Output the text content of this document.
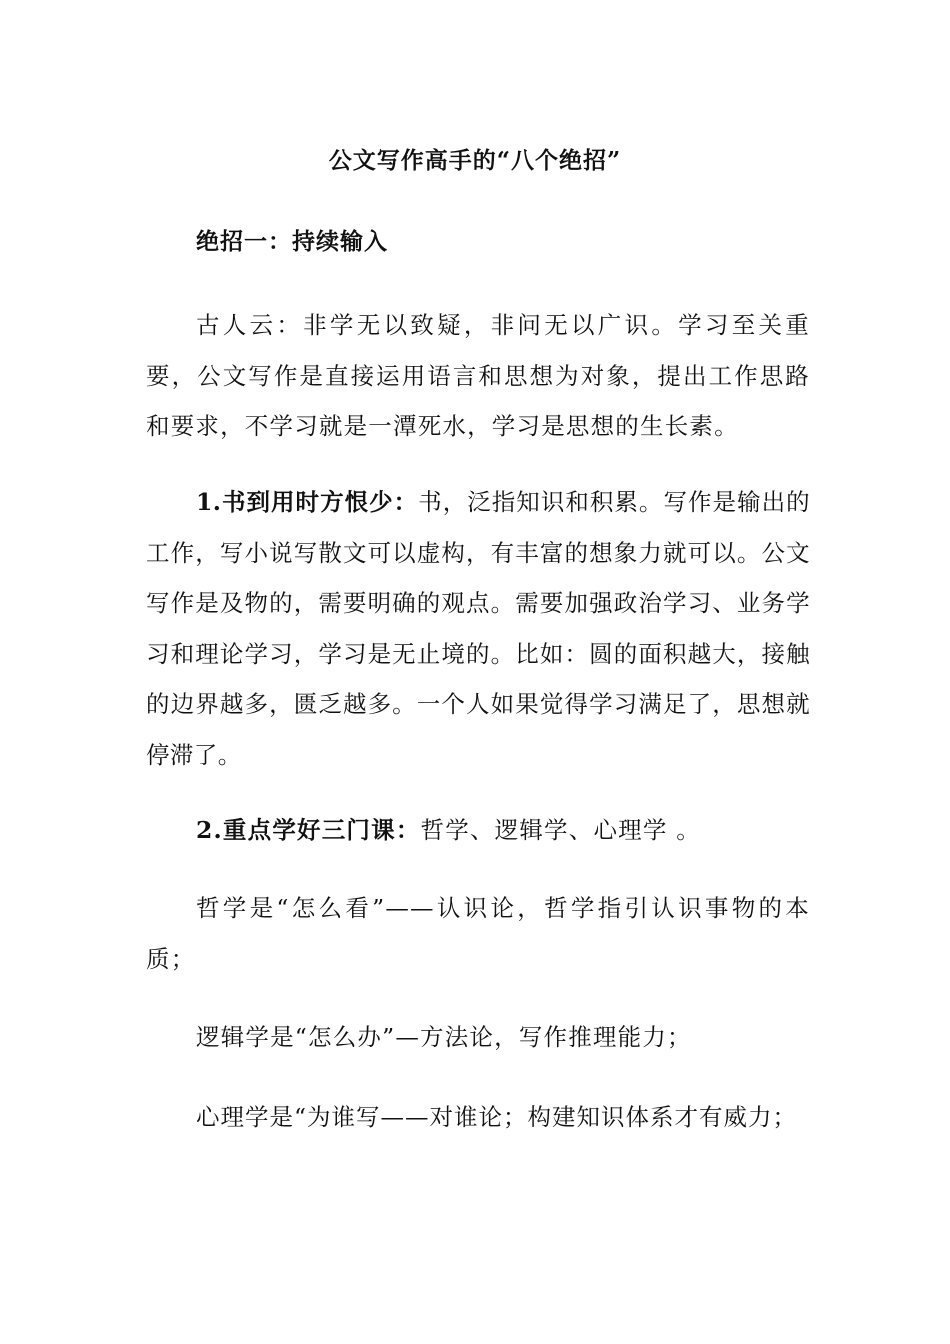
公文写作高手的“八个绝招”
绝招一：持续输入
古人云：非学无以致疑，非问无以广识。学习至关重要，公文写作是直接运用语言和思想为对象，提出工作思路和要求，不学习就是一潭死水，学习是思想的生长素。
1.书到用时方恨少：书，泛指知识和积累。写作是输出的工作，写小说写散文可以虚构，有丰富的想象力就可以。公文写作是及物的，需要明确的观点。需要加强政治学习、业务学习和理论学习，学习是无止境的。比如：圆的面积越大，接触的边界越多，匮乏越多。一个人如果觉得学习满足了，思想就停滞了。
2.重点学好三门课：哲学、逻辑学、心理学 。
哲学是“怎么看”——认识论，哲学指引认识事物的本质；
逻辑学是“怎么办”—方法论，写作推理能力；
心理学是“为谁写——对谁论；构建知识体系才有威力；
